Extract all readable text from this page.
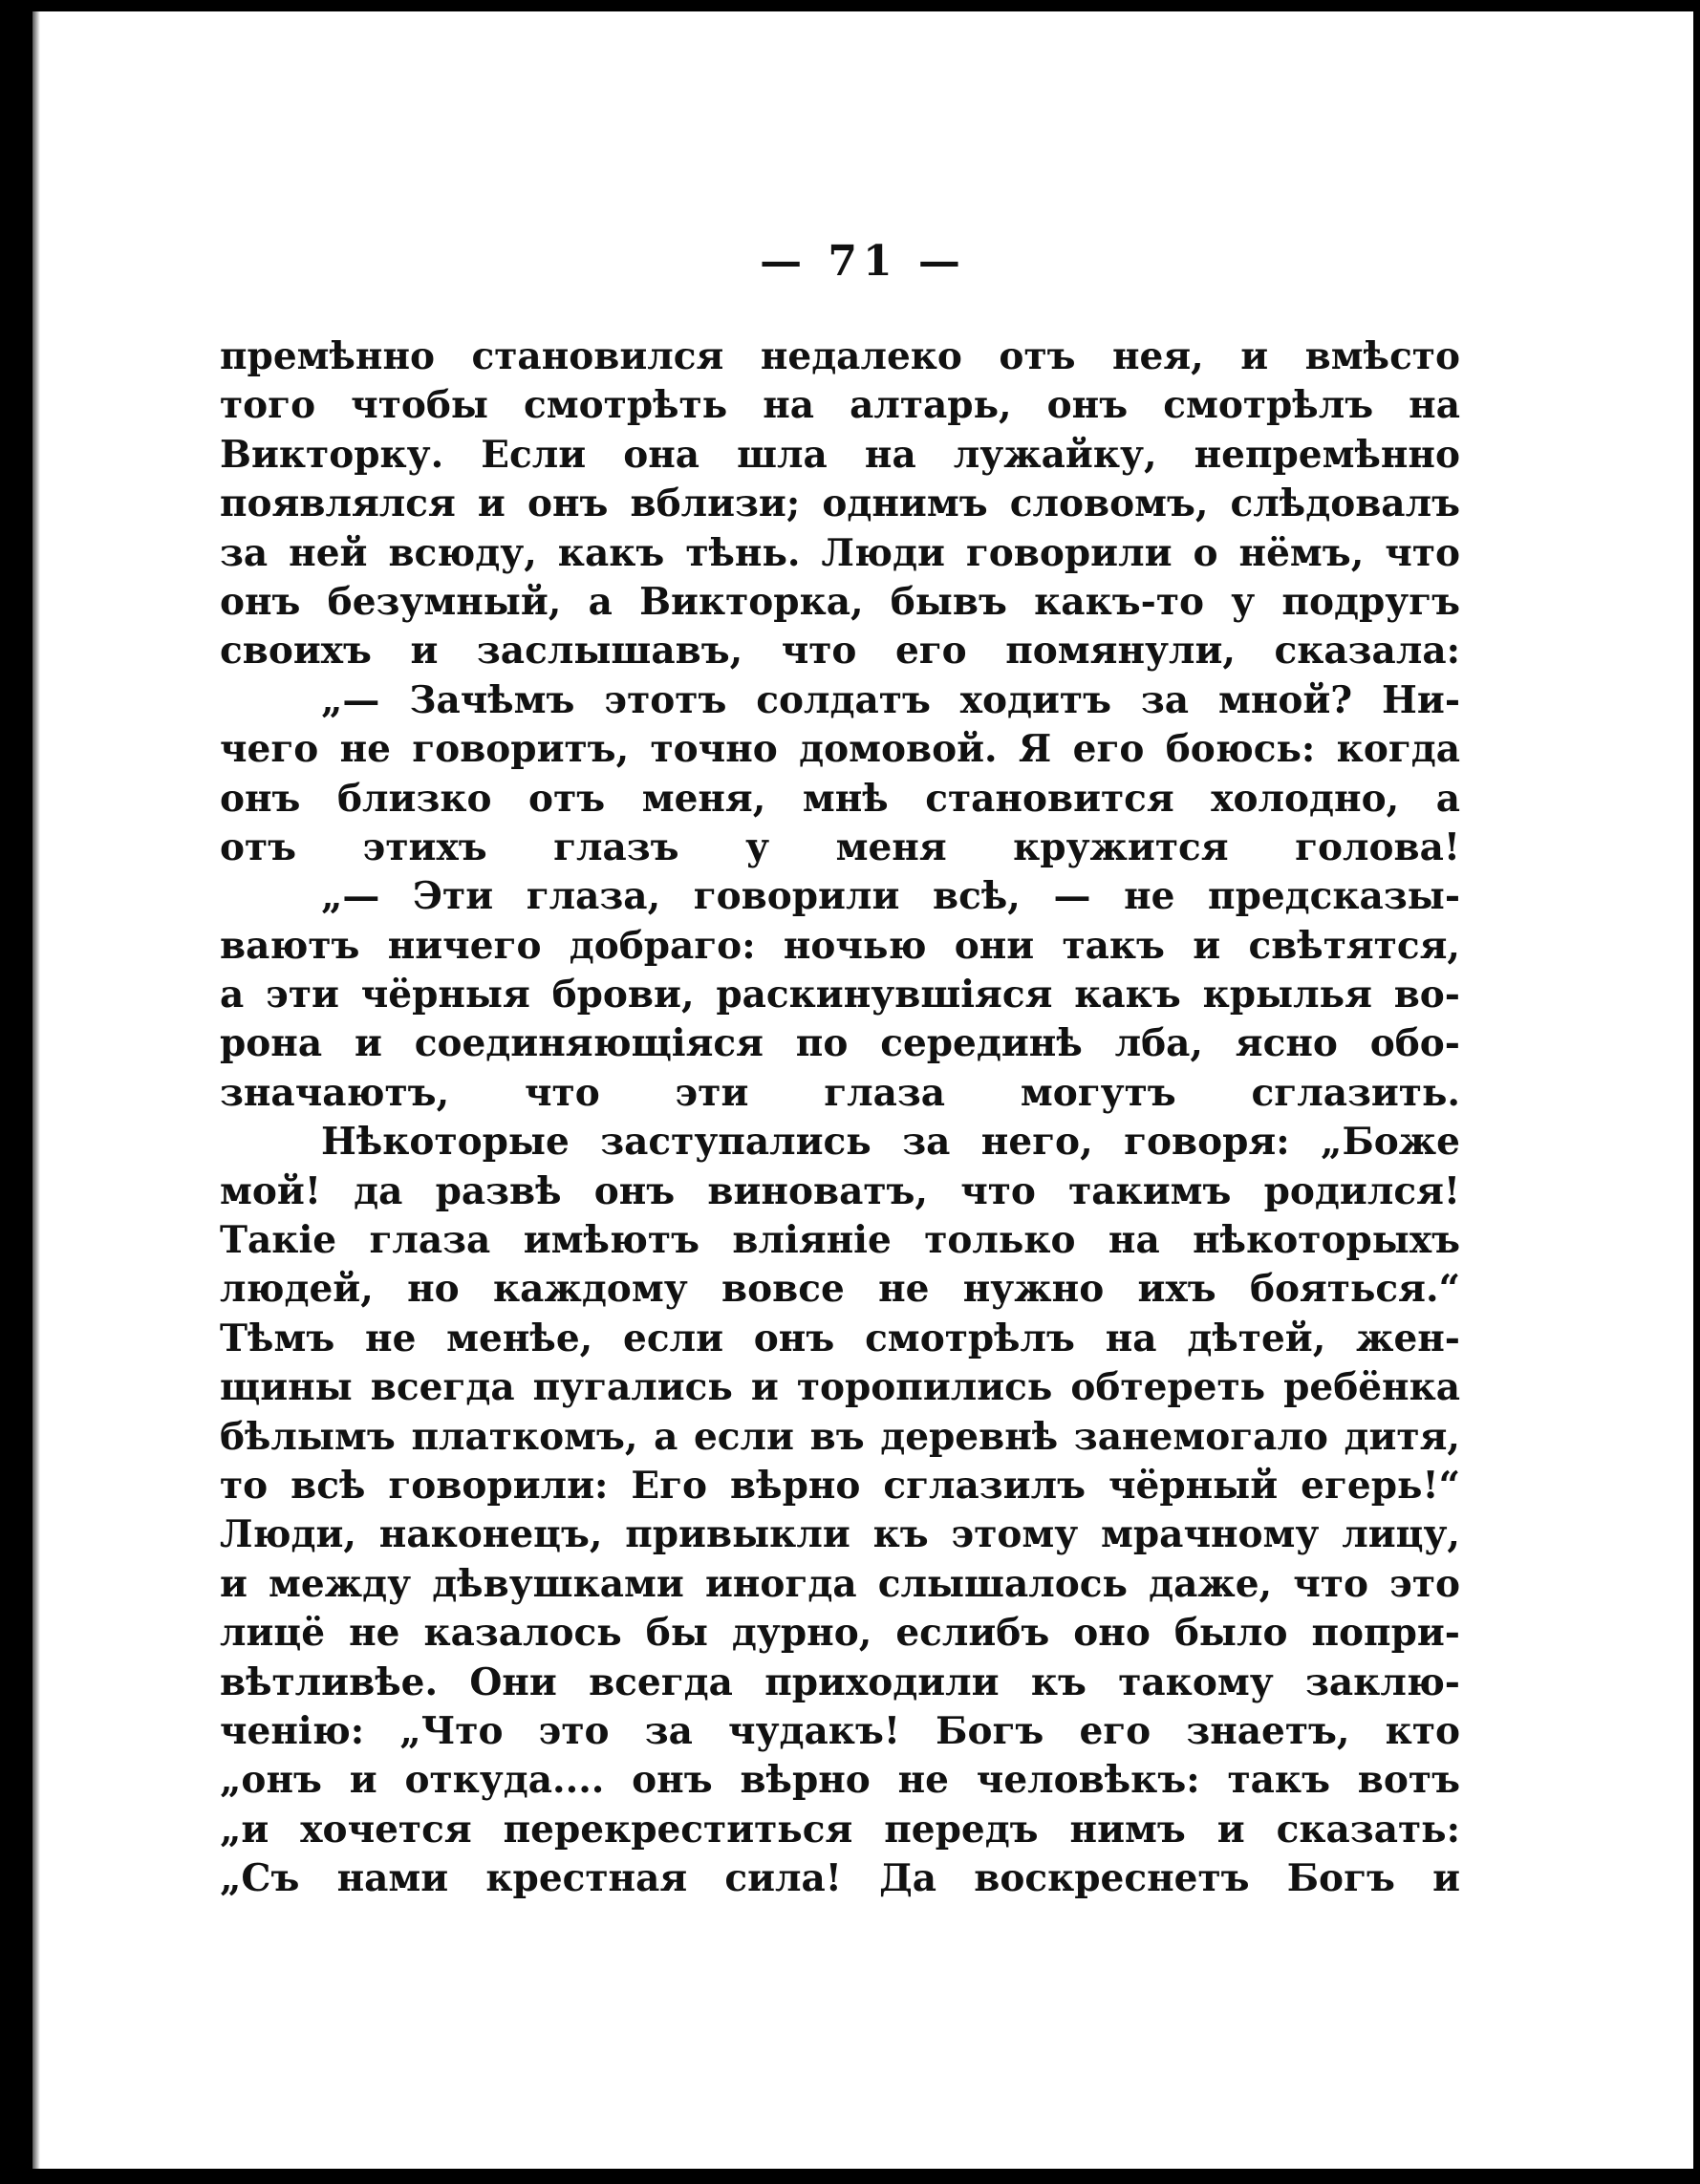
— 71 —
премѣнно становился недалеко отъ нея, и вмѣсто
того чтобы смотрѣть на алтарь, онъ смотрѣлъ на
Викторку. Если она шла на лужайку, непремѣнно
появлялся и онъ вблизи; однимъ словомъ, слѣдовалъ
за ней всюду, какъ тѣнь. Люди говорили о нёмъ, что
онъ безумный, а Викторка, бывъ какъ-то у подругъ
своихъ и заслышавъ, что его помянули, сказала:
„— Зачѣмъ этотъ солдатъ ходитъ за мной? Ни-
чего не говоритъ, точно домовой. Я его боюсь: когда
онъ близко отъ меня, мнѣ становится холодно, а
отъ этихъ глазъ у меня кружится голова!
„— Эти глаза, говорили всѣ, — не предсказы-
ваютъ ничего добраго: ночью они такъ и свѣтятся,
а эти чёрныя брови, раскинувшіяся какъ крылья во-
рона и соединяющіяся по серединѣ лба, ясно обо-
значаютъ, что эти глаза могутъ сглазить.
Нѣкоторые заступались за него, говоря: „Боже
мой! да развѣ онъ виноватъ, что такимъ родился!
Такіе глаза имѣютъ вліяніе только на нѣкоторыхъ
людей, но каждому вовсе не нужно ихъ бояться.“
Тѣмъ не менѣе, если онъ смотрѣлъ на дѣтей, жен-
щины всегда пугались и торопились обтереть ребёнка
бѣлымъ платкомъ, а если въ деревнѣ занемогало дитя,
то всѣ говорили: Его вѣрно сглазилъ чёрный егерь!“
Люди, наконецъ, привыкли къ этому мрачному лицу,
и между дѣвушками иногда слышалось даже, что это
лицё не казалось бы дурно, еслибъ оно было попри-
вѣтливѣе. Они всегда приходили къ такому заклю-
ченію: „Что это за чудакъ! Богъ его знаетъ, кто
„онъ и откуда.... онъ вѣрно не человѣкъ: такъ вотъ
„и хочется перекреститься передъ нимъ и сказать:
„Съ нами крестная сила! Да воскреснетъ Богъ и
